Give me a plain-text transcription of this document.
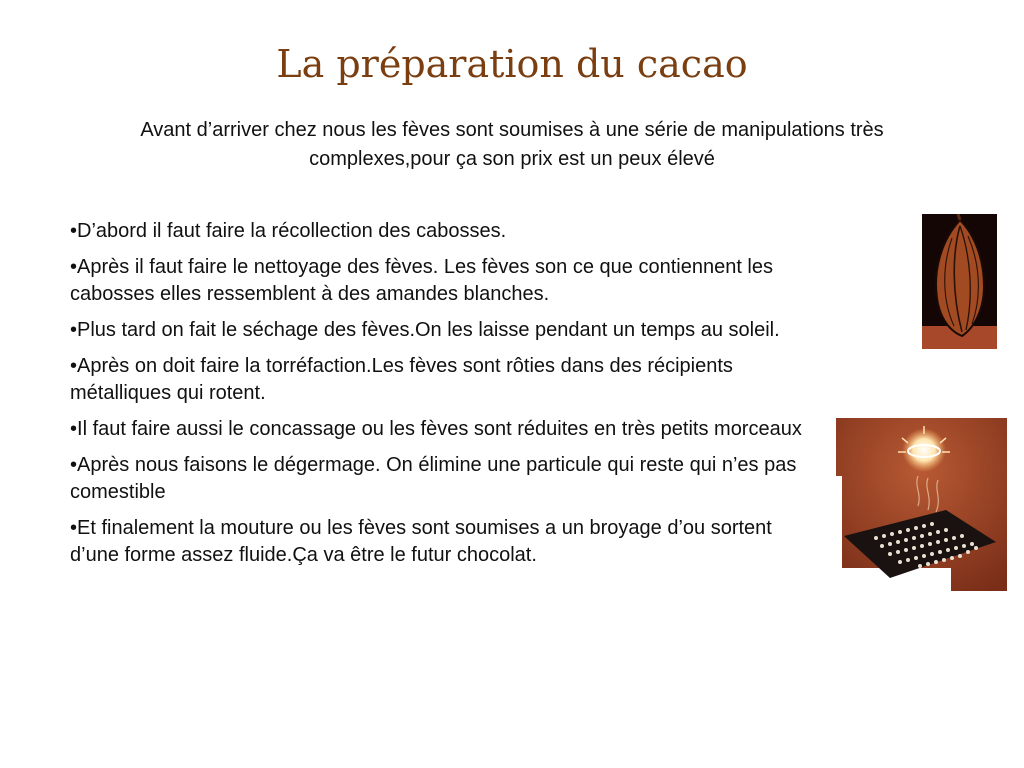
La préparation du cacao

Avant d’arriver chez nous les fèves sont soumises à une série de manipulations très complexes,pour ça son prix est un peux élevé

•D’abord il faut faire la récollection des cabosses.
•Après il faut faire le nettoyage des fèves. Les fèves son ce que contiennent les cabosses elles ressemblent à des amandes blanches.
•Plus tard on fait le séchage des fèves.On les laisse pendant un temps au soleil.
•Après on doit faire la torréfaction.Les fèves sont rôties dans des récipients métalliques qui rotent.
•Il faut faire aussi le concassage ou les fèves sont réduites en très petits morceaux
•Après nous faisons le dégermage. On élimine une particule qui reste qui n’es pas comestible
•Et finalement la mouture ou les fèves sont soumises a un broyage d’ou sortent d’une forme assez fluide.Ça va être le futur chocolat.
